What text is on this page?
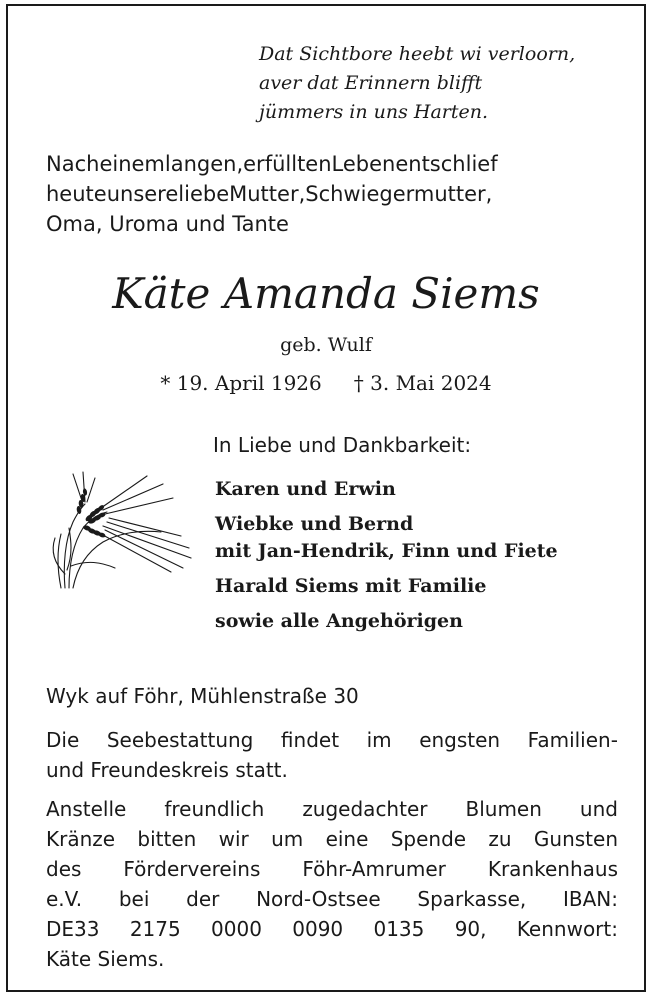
Dat Sichtbore heebt wi verloorn,
aver dat Erinnern blifft
jümmers in uns Harten.
Nacheinemlangen,erfülltenLebenentschlief
heuteunsereliebeMutter,Schwiegermutter,
Oma, Uroma und Tante
Käte Amanda Siems
geb. Wulf
* 19. April 1926 † 3. Mai 2024
In Liebe und Dankbarkeit:
Karen und Erwin
Wiebke und Bernd
mit Jan-Hendrik, Finn und Fiete
Harald Siems mit Familie
sowie alle Angehörigen
Wyk auf Föhr, Mühlenstraße 30
Die Seebestattung findet im engsten Familien-
und Freundeskreis statt.
Anstelle freundlich zugedachter Blumen und
Kränze bitten wir um eine Spende zu Gunsten
des Fördervereins Föhr-Amrumer Krankenhaus
e.V. bei der Nord-Ostsee Sparkasse, IBAN:
DE33 2175 0000 0090 0135 90, Kennwort:
Käte Siems.
